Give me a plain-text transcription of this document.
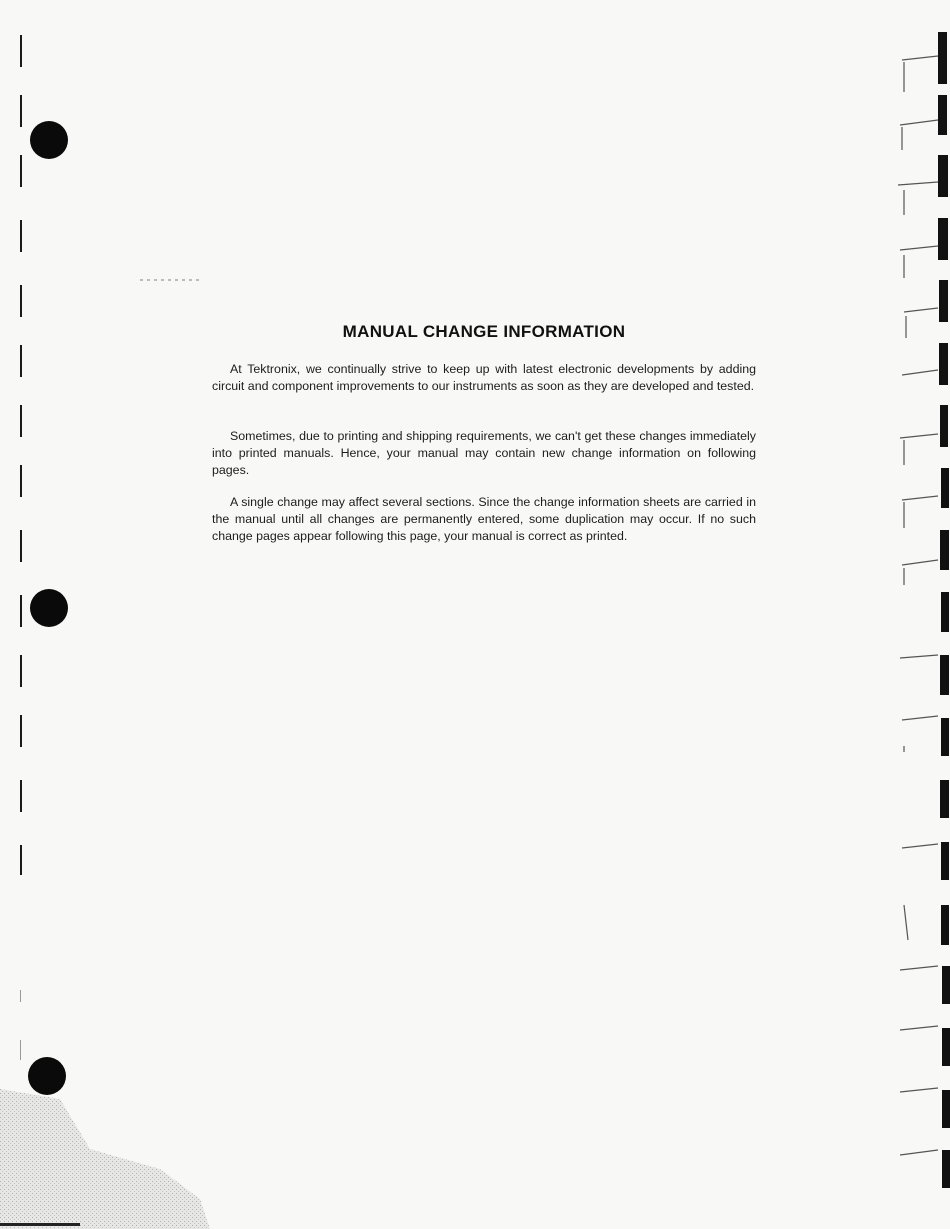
MANUAL CHANGE INFORMATION

At Tektronix, we continually strive to keep up with latest electronic developments by adding circuit and component improvements to our instruments as soon as they are developed and tested.

Sometimes, due to printing and shipping requirements, we can't get these changes immediately into printed manuals. Hence, your manual may contain new change information on following pages.

A single change may affect several sections. Since the change information sheets are carried in the manual until all changes are permanently entered, some duplication may occur. If no such change pages appear following this page, your manual is correct as printed.
